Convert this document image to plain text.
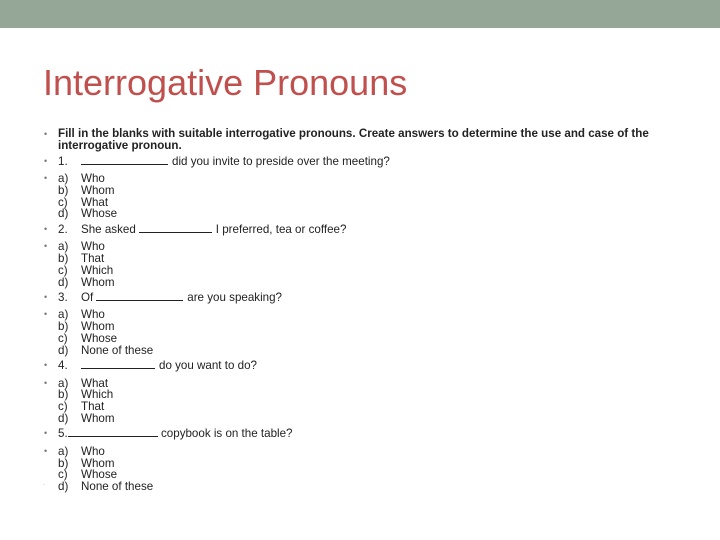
Interrogative Pronouns
• Fill in the blanks with suitable interrogative pronouns. Create answers to determine the use and case of the interrogative pronoun.
• 1.	did you invite to preside over the meeting?
• a) Who
b) Whom
c) What
d) Whose
• 2. She asked	I preferred, tea or coffee?
• a) Who
b) That
c) Which
d) Whom
• 3. Of	are you speaking?
• a) Who
b) Whom
c) Whose
d) None of these
• 4.	do you want to do?
• a) What
b) Which
c) That
d) Whom
• 5.	copybook is on the table?
• a) Who
b) Whom
c) Whose
d) None of these
.
